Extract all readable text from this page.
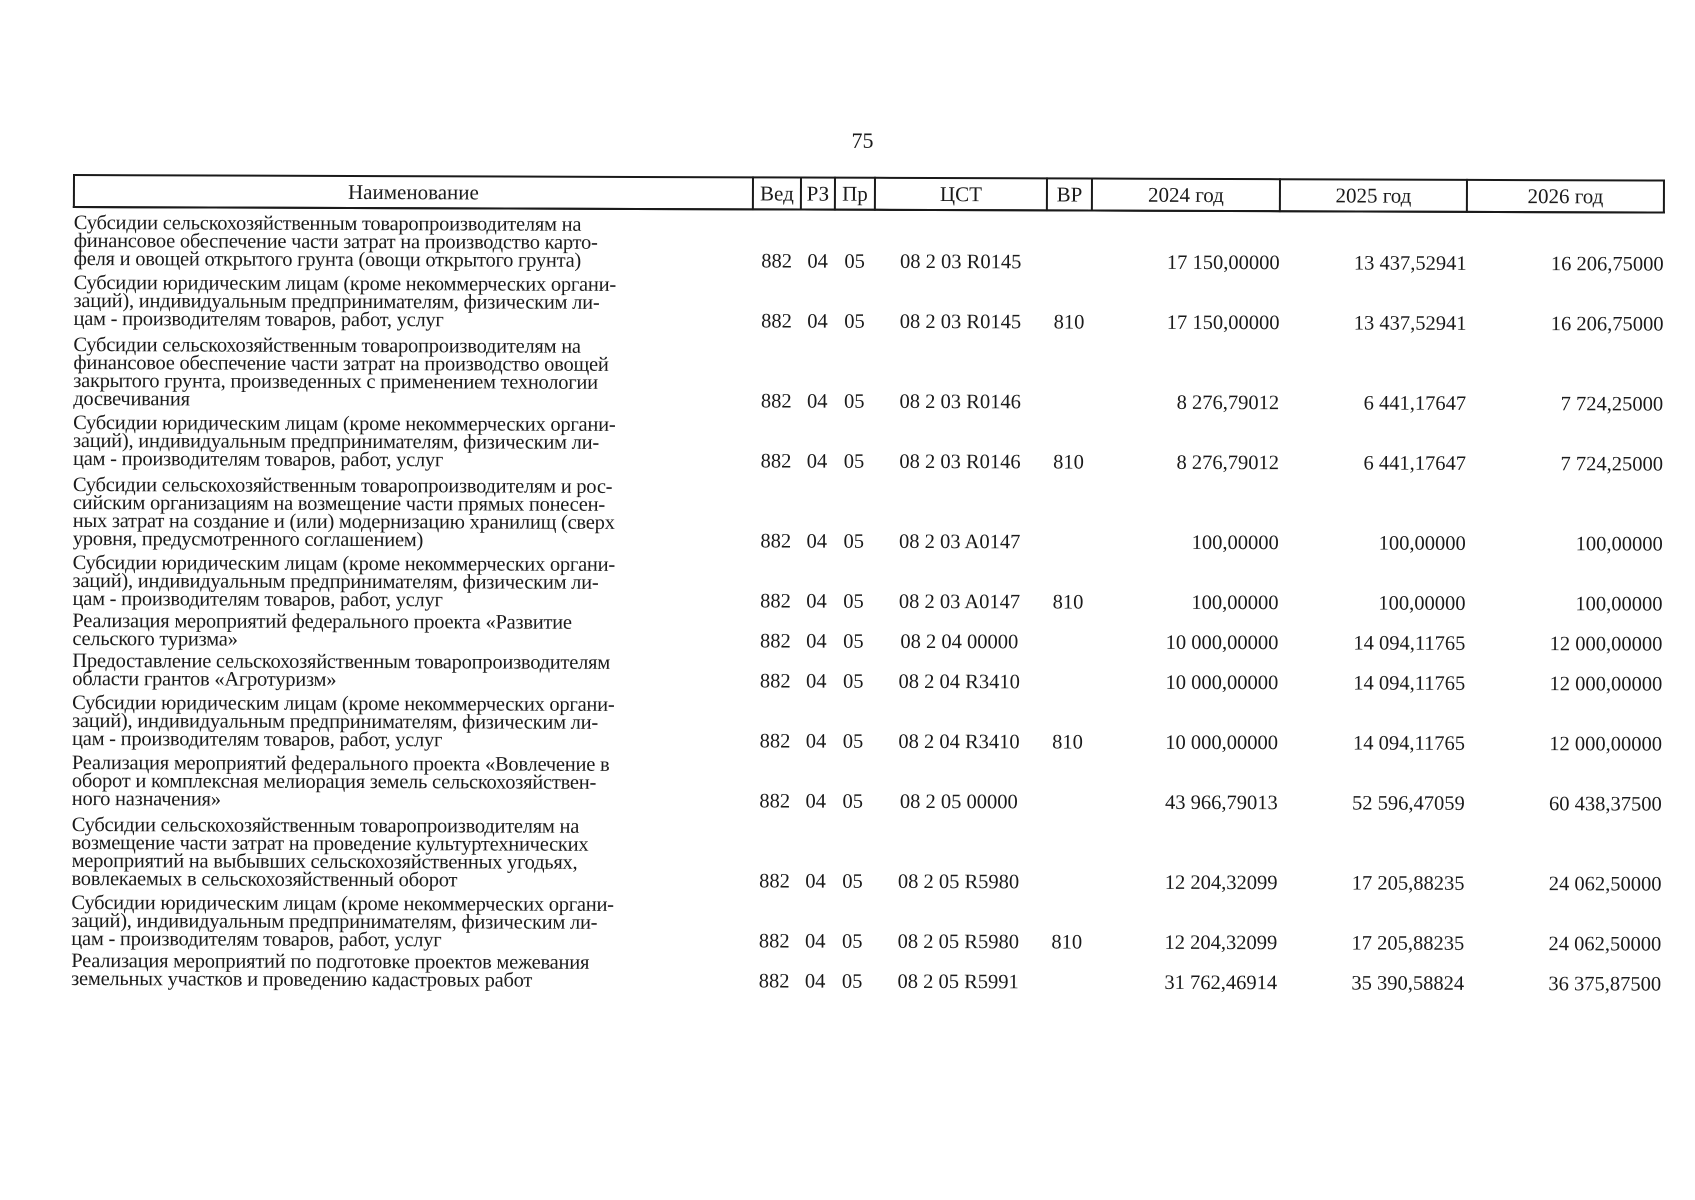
75
Наименование	Вед	РЗ	Пр	ЦСТ	ВР	2024 год	2025 год	2026 год

Субсидии сельскохозяйственным товаропроизводителям на
финансовое обеспечение части затрат на производство карто-
феля и овощей открытого грунта (овощи открытого грунта)	882	04	05	08 2 03 R0145		17 150,00000	13 437,52941	16 206,75000

Субсидии юридическим лицам (кроме некоммерческих органи-
заций), индивидуальным предпринимателям, физическим ли-
цам - производителям товаров, работ, услуг	882	04	05	08 2 03 R0145	810	17 150,00000	13 437,52941	16 206,75000

Субсидии сельскохозяйственным товаропроизводителям на
финансовое обеспечение части затрат на производство овощей
закрытого грунта, произведенных с применением технологии
досвечивания	882	04	05	08 2 03 R0146		8 276,79012	6 441,17647	7 724,25000

Субсидии юридическим лицам (кроме некоммерческих органи-
заций), индивидуальным предпринимателям, физическим ли-
цам - производителям товаров, работ, услуг	882	04	05	08 2 03 R0146	810	8 276,79012	6 441,17647	7 724,25000

Субсидии сельскохозяйственным товаропроизводителям и рос-
сийским организациям на возмещение части прямых понесен-
ных затрат на создание и (или) модернизацию хранилищ (сверх
уровня, предусмотренного соглашением)	882	04	05	08 2 03 A0147		100,00000	100,00000	100,00000

Субсидии юридическим лицам (кроме некоммерческих органи-
заций), индивидуальным предпринимателям, физическим ли-
цам - производителям товаров, работ, услуг	882	04	05	08 2 03 A0147	810	100,00000	100,00000	100,00000

Реализация мероприятий федерального проекта «Развитие
сельского туризма»	882	04	05	08 2 04 00000		10 000,00000	14 094,11765	12 000,00000

Предоставление сельскохозяйственным товаропроизводителям
области грантов «Агротуризм»	882	04	05	08 2 04 R3410		10 000,00000	14 094,11765	12 000,00000

Субсидии юридическим лицам (кроме некоммерческих органи-
заций), индивидуальным предпринимателям, физическим ли-
цам - производителям товаров, работ, услуг	882	04	05	08 2 04 R3410	810	10 000,00000	14 094,11765	12 000,00000

Реализация мероприятий федерального проекта «Вовлечение в
оборот и комплексная мелиорация земель сельскохозяйствен-
ного назначения»	882	04	05	08 2 05 00000		43 966,79013	52 596,47059	60 438,37500

Субсидии сельскохозяйственным товаропроизводителям на
возмещение части затрат на проведение культуртехнических
мероприятий на выбывших сельскохозяйственных угодьях,
вовлекаемых в сельскохозяйственный оборот	882	04	05	08 2 05 R5980		12 204,32099	17 205,88235	24 062,50000

Субсидии юридическим лицам (кроме некоммерческих органи-
заций), индивидуальным предпринимателям, физическим ли-
цам - производителям товаров, работ, услуг	882	04	05	08 2 05 R5980	810	12 204,32099	17 205,88235	24 062,50000

Реализация мероприятий по подготовке проектов межевания
земельных участков и проведению кадастровых работ	882	04	05	08 2 05 R5991		31 762,46914	35 390,58824	36 375,87500
